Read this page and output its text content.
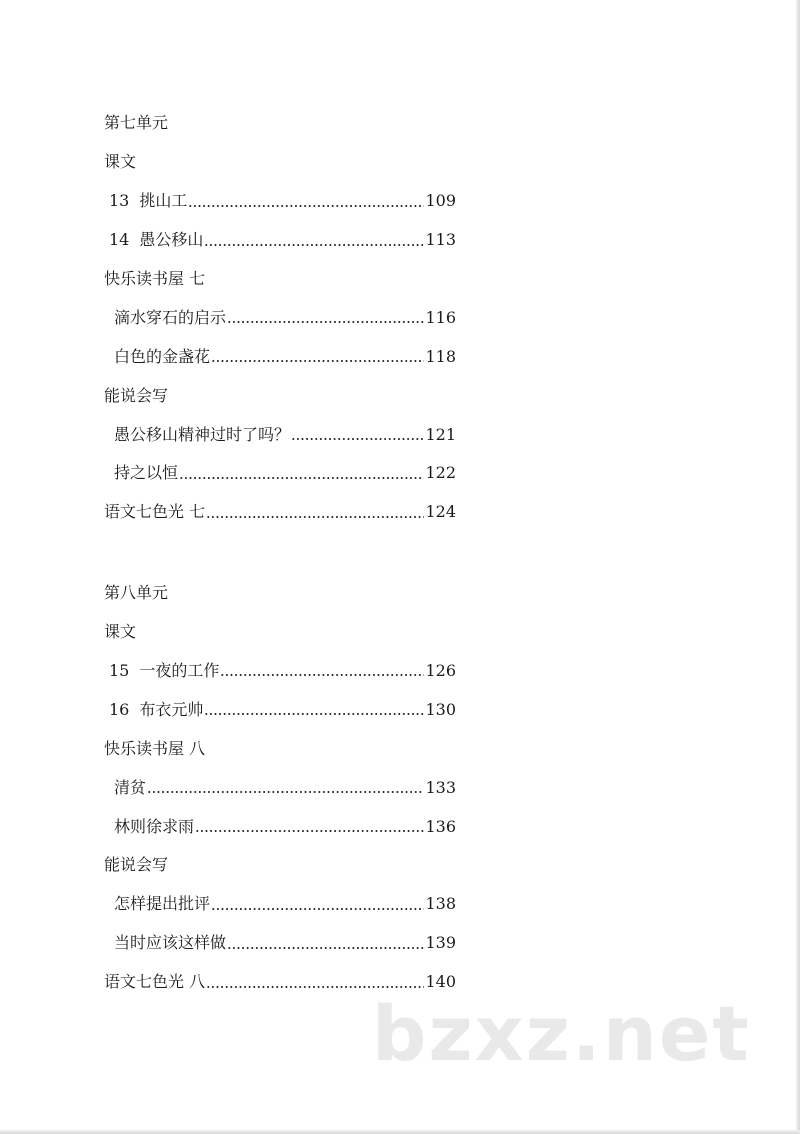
第七单元
课文
13 挑山工	109
14 愚公移山	113
快乐读书屋 七
滴水穿石的启示	116
白色的金盏花	118
能说会写
愚公移山精神过时了吗？	121
持之以恒	122
语文七色光 七	124
第八单元
课文
15 一夜的工作	126
16 布衣元帅	130
快乐读书屋 八
清贫	133
林则徐求雨	136
能说会写
怎样提出批评	138
当时应该这样做	139
语文七色光 八	140
bzxz.net
